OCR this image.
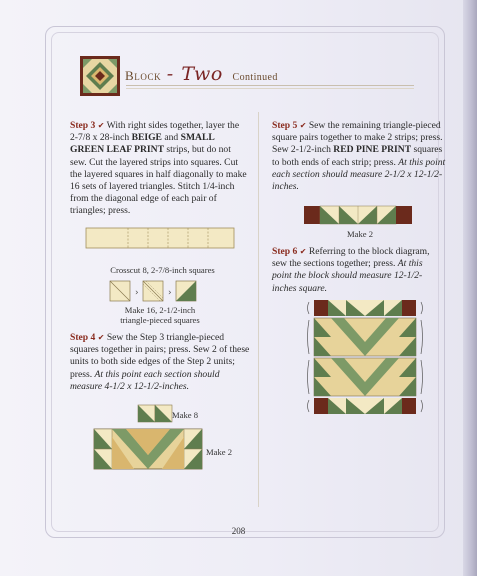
Block - Two Continued

Step 3 ✔ With right sides together, layer the 2-7/8 x 28-inch BEIGE and SMALL GREEN LEAF PRINT strips, but do not sew. Cut the layered strips into squares. Cut the layered squares in half diagonally to make 16 sets of layered triangles. Stitch 1/4-inch from the diagonal edge of each pair of triangles; press.

Crosscut 8, 2-7/8-inch squares
›	›
Make 16, 2-1/2-inch
triangle-pieced squares

Step 4 ✔ Sew the Step 3 triangle-pieced squares together in pairs; press. Sew 2 of these units to both side edges of the Step 2 units; press. At this point each section should measure 4-1/2 x 12-1/2-inches.

Make 8
Make 2

Step 5 ✔ Sew the remaining triangle-pieced square pairs together to make 2 strips; press. Sew 2-1/2-inch RED PINE PRINT squares to both ends of each strip; press. At this point each section should measure 2-1/2 x 12-1/2-inches.

Make 2

Step 6 ✔ Referring to the block diagram, sew the sections together; press. At this point the block should measure 12-1/2-inches square.

208
